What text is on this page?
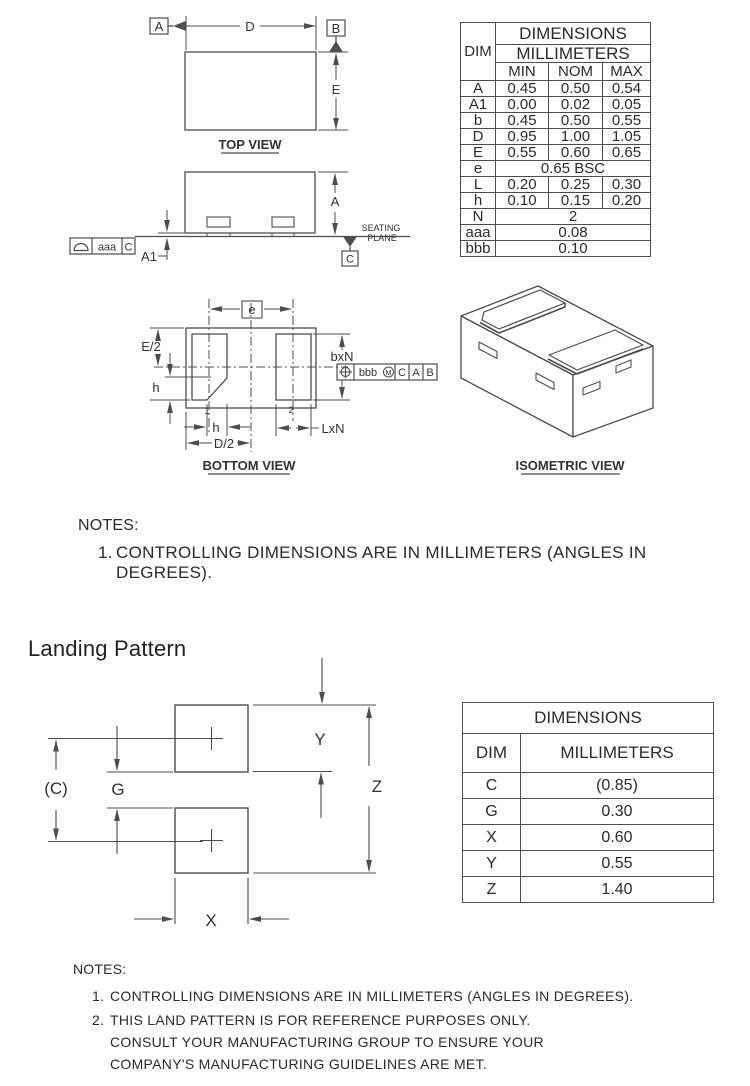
A	B
D
E
TOP VIEW
A
A1
aaa C
SEATING
PLANE
C
e
E/2
h
h
1	2
D/2
LxN
bxN
bbb M C A B
BOTTOM VIEW	ISOMETRIC VIEW
Y
Z
(C)	G
X
DIM	DIMENSIONS		
	MILLIMETERS		
	MIN	NOM	MAX
A	0.45	0.50	0.54
A1	0.00	0.02	0.05
b	0.45	0.50	0.55
D	0.95	1.00	1.05
E	0.55	0.60	0.65
e	0.65 BSC		
L	0.20	0.25	0.30
h	0.10	0.15	0.20
N	2		
aaa	0.08		
bbb	0.10		
NOTES:
1. CONTROLLING DIMENSIONS ARE IN MILLIMETERS (ANGLES IN DEGREES).
Landing Pattern
DIMENSIONS	
DIM	MILLIMETERS
C	(0.85)
G	0.30
X	0.60
Y	0.55
Z	1.40
NOTES:
1. CONTROLLING DIMENSIONS ARE IN MILLIMETERS (ANGLES IN DEGREES).
2. THIS LAND PATTERN IS FOR REFERENCE PURPOSES ONLY.
CONSULT YOUR MANUFACTURING GROUP TO ENSURE YOUR
COMPANY'S MANUFACTURING GUIDELINES ARE MET.
